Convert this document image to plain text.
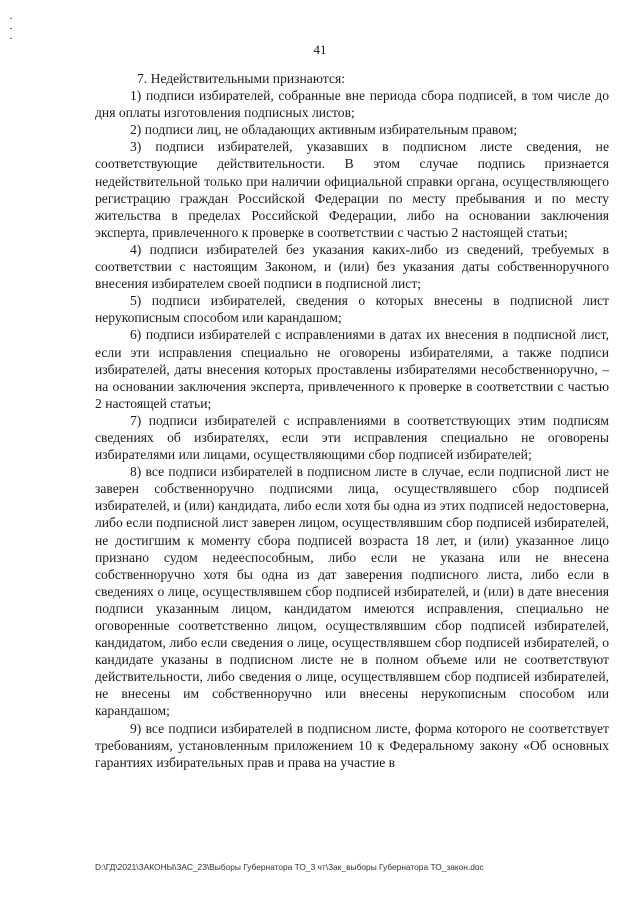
41

7. Недействительными признаются:

1) подписи избирателей, собранные вне периода сбора подписей, в том числе до дня оплаты изготовления подписных листов;

2) подписи лиц, не обладающих активным избирательным правом;

3) подписи избирателей, указавших в подписном листе сведения, не соответствующие действительности. В этом случае подпись признается недействительной только при наличии официальной справки органа, осуществляющего регистрацию граждан Российской Федерации по месту пребывания и по месту жительства в пределах Российской Федерации, либо на основании заключения эксперта, привлеченного к проверке в соответствии с частью 2 настоящей статьи;

4) подписи избирателей без указания каких-либо из сведений, требуемых в соответствии с настоящим Законом, и (или) без указания даты собственноручного внесения избирателем своей подписи в подписной лист;

5) подписи избирателей, сведения о которых внесены в подписной лист нерукописным способом или карандашом;

6) подписи избирателей с исправлениями в датах их внесения в подписной лист, если эти исправления специально не оговорены избирателями, а также подписи избирателей, даты внесения которых проставлены избирателями несобственноручно, – на основании заключения эксперта, привлеченного к проверке в соответствии с частью 2 настоящей статьи;

7) подписи избирателей с исправлениями в соответствующих этим подписям сведениях об избирателях, если эти исправления специально не оговорены избирателями или лицами, осуществляющими сбор подписей избирателей;

8) все подписи избирателей в подписном листе в случае, если подписной лист не заверен собственноручно подписями лица, осуществлявшего сбор подписей избирателей, и (или) кандидата, либо если хотя бы одна из этих подписей недостоверна, либо если подписной лист заверен лицом, осуществлявшим сбор подписей избирателей, не достигшим к моменту сбора подписей возраста 18 лет, и (или) указанное лицо признано судом недееспособным, либо если не указана или не внесена собственноручно хотя бы одна из дат заверения подписного листа, либо если в сведениях о лице, осуществлявшем сбор подписей избирателей, и (или) в дате внесения подписи указанным лицом, кандидатом имеются исправления, специально не оговоренные соответственно лицом, осуществлявшим сбор подписей избирателей, кандидатом, либо если сведения о лице, осуществлявшем сбор подписей избирателей, о кандидате указаны в подписном листе не в полном объеме или не соответствуют действительности, либо сведения о лице, осуществлявшем сбор подписей избирателей, не внесены им собственноручно или внесены нерукописным способом или карандашом;

9) все подписи избирателей в подписном листе, форма которого не соответствует требованиям, установленным приложением 10 к Федеральному закону «Об основных гарантиях избирательных прав и права на участие в

D:\ГД\2021\ЗАКОНЫ\ЗАС_23\Выборы Губернатора ТО_3 чт\Зак_выборы Губернатора ТО_закон.doc
